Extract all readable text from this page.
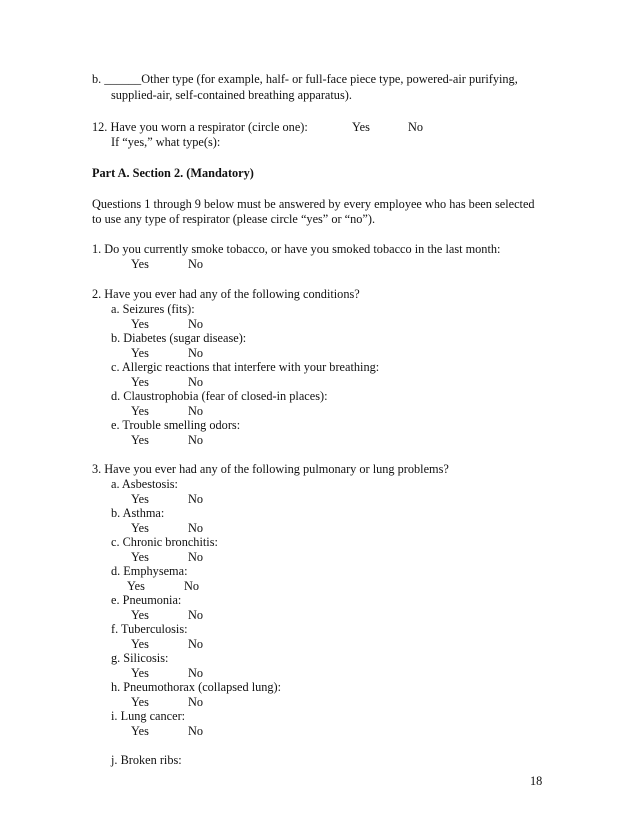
b. ______Other type (for example, half- or full-face piece type, powered-air purifying,
supplied-air, self-contained breathing apparatus).
12. Have you worn a respirator (circle one):	Yes	No
If “yes,” what type(s):
Part A. Section 2. (Mandatory)
Questions 1 through 9 below must be answered by every employee who has been selected
to use any type of respirator (please circle “yes” or “no”).
1. Do you currently smoke tobacco, or have you smoked tobacco in the last month:
Yes	No
2. Have you ever had any of the following conditions?
a. Seizures (fits):
Yes	No
b. Diabetes (sugar disease):
Yes	No
c. Allergic reactions that interfere with your breathing:
Yes	No
d. Claustrophobia (fear of closed-in places):
Yes	No
e. Trouble smelling odors:
Yes	No
3. Have you ever had any of the following pulmonary or lung problems?
a. Asbestosis:
Yes	No
b. Asthma:
Yes	No
c. Chronic bronchitis:
Yes	No
d. Emphysema:
Yes	No
e. Pneumonia:
Yes	No
f. Tuberculosis:
Yes	No
g. Silicosis:
Yes	No
h. Pneumothorax (collapsed lung):
Yes	No
i. Lung cancer:
Yes	No
j. Broken ribs:
18
